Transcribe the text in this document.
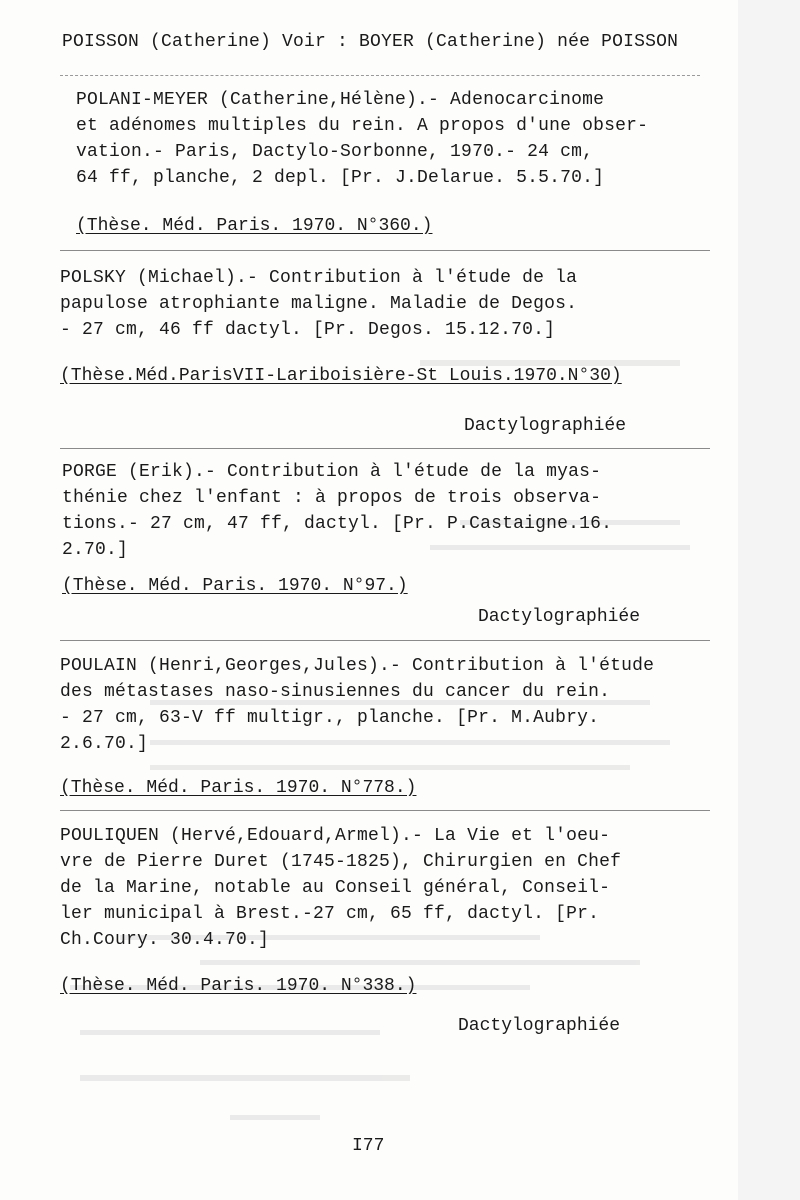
POISSON (Catherine) Voir : BOYER (Catherine) née POISSON
POLANI-MEYER (Catherine,Hélène).- Adenocarcinome
et adénomes multiples du rein. A propos d'une obser-
vation.- Paris, Dactylo-Sorbonne, 1970.- 24 cm,
64 ff, planche, 2 depl. [Pr. J.Delarue. 5.5.70.]
(Thèse. Méd. Paris. 1970. N°360.)
POLSKY (Michael).- Contribution à l'étude de la
papulose atrophiante maligne. Maladie de Degos.
- 27 cm, 46 ff dactyl. [Pr. Degos. 15.12.70.]
(Thèse.Méd.ParisVII-Lariboisière-St Louis.1970.N°30)
Dactylographiée
PORGE (Erik).- Contribution à l'étude de la myas-
thénie chez l'enfant : à propos de trois observa-
tions.- 27 cm, 47 ff, dactyl. [Pr. P.Castaigne.16.
2.70.]
(Thèse. Méd. Paris. 1970. N°97.)
Dactylographiée
POULAIN (Henri,Georges,Jules).- Contribution à l'étude
des métastases naso-sinusiennes du cancer du rein.
- 27 cm, 63-V ff multigr., planche. [Pr. M.Aubry.
2.6.70.]
(Thèse. Méd. Paris. 1970. N°778.)
POULIQUEN (Hervé,Edouard,Armel).- La Vie et l'oeu-
vre de Pierre Duret (1745-1825), Chirurgien en Chef
de la Marine, notable au Conseil général, Conseil-
ler municipal à Brest.-27 cm, 65 ff, dactyl. [Pr.
Ch.Coury. 30.4.70.]
(Thèse. Méd. Paris. 1970. N°338.)
Dactylographiée
I77
